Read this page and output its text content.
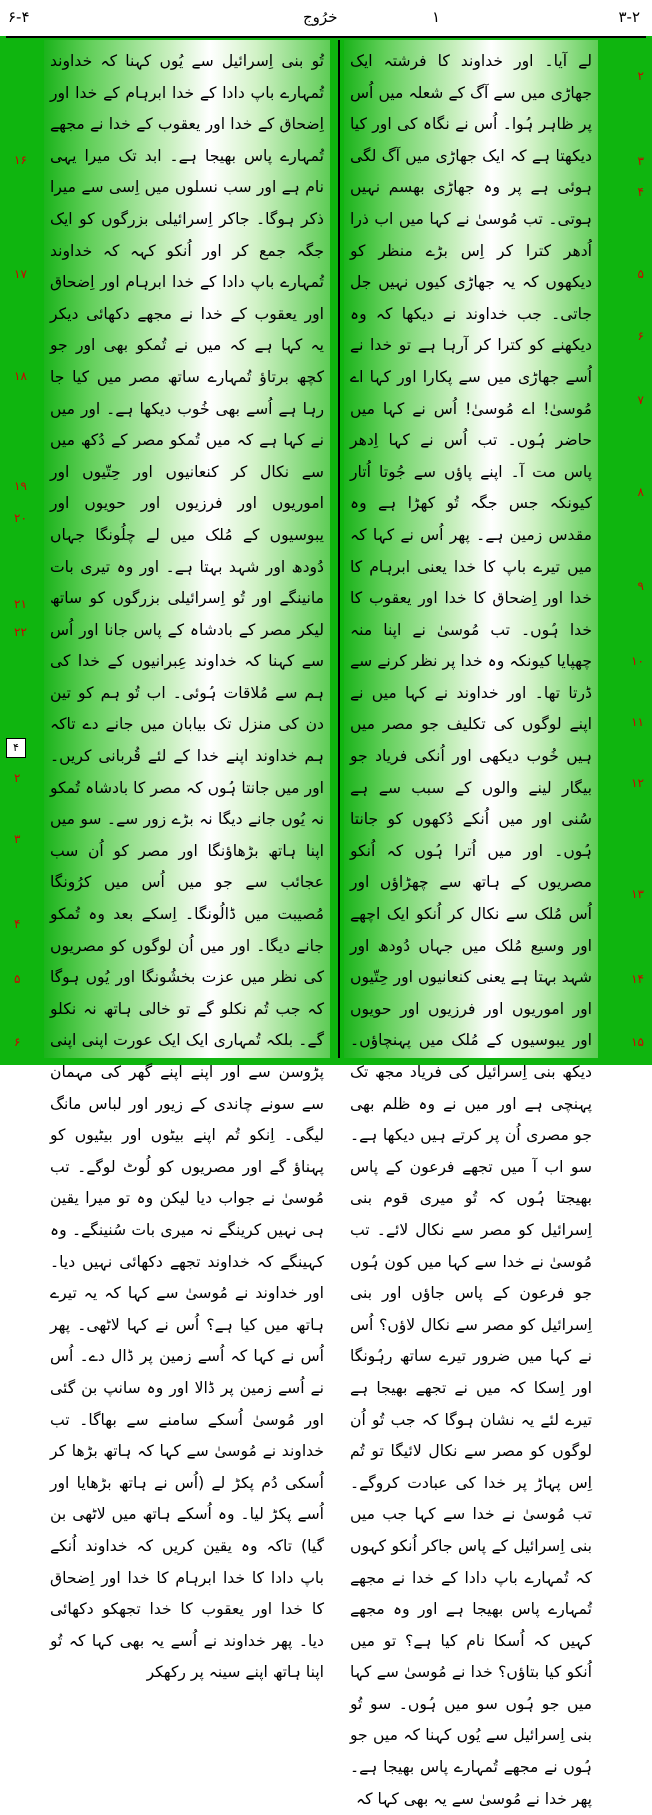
۶-۴	خرُوج	۱	۳-۲
لے آیا۔ اور خداوند کا فرشتہ ایک جھاڑی میں سے آگ کے شعلہ میں اُس پر ظاہر ہُوا۔ اُس نے نگاہ کی اور کیا دیکھتا ہے کہ ایک جھاڑی میں آگ لگی ہوئی ہے پر وہ جھاڑی بھسم نہیں ہوتی۔ تب مُوسیٰ نے کہا میں اب ذرا اُدھر کترا کر اِس بڑے منظر کو دیکھوں کہ یہ جھاڑی کیوں نہیں جل جاتی۔ جب خداوند نے دیکھا کہ وہ دیکھنے کو کترا کر آرہا ہے تو خدا نے اُسے جھاڑی میں سے پکارا اور کہا اے مُوسیٰ! اے مُوسیٰ! اُس نے کہا میں حاضر ہُوں۔ تب اُس نے کہا اِدھر پاس مت آ۔ اپنے پاؤں سے جُوتا اُتار کیونکہ جس جگہ تُو کھڑا ہے وہ مقدس زمین ہے۔ پھر اُس نے کہا کہ میں تیرے باپ کا خدا یعنی ابرہام کا خدا اور اِضحاق کا خدا اور یعقوب کا خدا ہُوں۔ تب مُوسیٰ نے اپنا منہ چھپایا کیونکہ وہ خدا پر نظر کرنے سے ڈرتا تھا۔ اور خداوند نے کہا میں نے اپنے لوگوں کی تکلیف جو مصر میں ہیں خُوب دیکھی اور اُنکی فریاد جو بیگار لینے والوں کے سبب سے ہے سُنی اور میں اُنکے دُکھوں کو جانتا ہُوں۔ اور میں اُترا ہُوں کہ اُنکو مصریوں کے ہاتھ سے چھڑاؤں اور اُس مُلک سے نکال کر اُنکو ایک اچھے اور وسیع مُلک میں جہاں دُودھ اور شہد بہتا ہے یعنی کنعانیوں اور حِتّیوں اور اموریوں اور فرزیوں اور حویوں اور یبوسیوں کے مُلک میں پہنچاؤں۔ دیکھ بنی اِسرائیل کی فریاد مجھ تک پہنچی ہے اور میں نے وہ ظلم بھی جو مصری اُن پر کرتے ہیں دیکھا ہے۔ سو اب آ میں تجھے فرعون کے پاس بھیجتا ہُوں کہ تُو میری قوم بنی اِسرائیل کو مصر سے نکال لائے۔ تب مُوسیٰ نے خدا سے کہا میں کون ہُوں جو فرعون کے پاس جاؤں اور بنی اِسرائیل کو مصر سے نکال لاؤں؟ اُس نے کہا میں ضرور تیرے ساتھ رہُونگا اور اِسکا کہ میں نے تجھے بھیجا ہے تیرے لئے یہ نشان ہوگا کہ جب تُو اُن لوگوں کو مصر سے نکال لائیگا تو تُم اِس پہاڑ پر خدا کی عبادت کروگے۔ تب مُوسیٰ نے خدا سے کہا جب میں بنی اِسرائیل کے پاس جاکر اُنکو کہوں کہ تُمہارے باپ دادا کے خدا نے مجھے تُمہارے پاس بھیجا ہے اور وہ مجھے کہیں کہ اُسکا نام کیا ہے؟ تو میں اُنکو کیا بتاؤں؟ خدا نے مُوسیٰ سے کہا میں جو ہُوں سو میں ہُوں۔ سو تُو بنی اِسرائیل سے یُوں کہنا کہ میں جو ہُوں نے مجھے تُمہارے پاس بھیجا ہے۔ پھر خدا نے مُوسیٰ سے یہ بھی کہا کہ
تُو بنی اِسرائیل سے یُوں کہنا کہ خداوند تُمہارے باپ دادا کے خدا ابرہام کے خدا اور اِضحاق کے خدا اور یعقوب کے خدا نے مجھے تُمہارے پاس بھیجا ہے۔ ابد تک میرا یہی نام ہے اور سب نسلوں میں اِسی سے میرا ذکر ہوگا۔ جاکر اِسرائیلی بزرگوں کو ایک جگہ جمع کر اور اُنکو کہہ کہ خداوند تُمہارے باپ دادا کے خدا ابرہام اور اِضحاق اور یعقوب کے خدا نے مجھے دکھائی دیکر یہ کہا ہے کہ میں نے تُمکو بھی اور جو کچھ برتاؤ تُمہارے ساتھ مصر میں کیا جا رہا ہے اُسے بھی خُوب دیکھا ہے۔ اور میں نے کہا ہے کہ میں تُمکو مصر کے دُکھ میں سے نکال کر کنعانیوں اور حِتّیوں اور اموریوں اور فرزیوں اور حویوں اور یبوسیوں کے مُلک میں لے چلُونگا جہاں دُودھ اور شہد بہتا ہے۔ اور وہ تیری بات مانینگے اور تُو اِسرائیلی بزرگوں کو ساتھ لیکر مصر کے بادشاہ کے پاس جانا اور اُس سے کہنا کہ خداوند عِبرانیوں کے خدا کی ہم سے مُلاقات ہُوئی۔ اب تُو ہم کو تین دن کی منزل تک بیابان میں جانے دے تاکہ ہم خداوند اپنے خدا کے لئے قُربانی کریں۔ اور میں جانتا ہُوں کہ مصر کا بادشاہ تُمکو نہ یُوں جانے دیگا نہ بڑے زور سے۔ سو میں اپنا ہاتھ بڑھاؤنگا اور مصر کو اُن سب عجائب سے جو میں اُس میں کرُونگا مُصیبت میں ڈالُونگا۔ اِسکے بعد وہ تُمکو جانے دیگا۔ اور میں اُن لوگوں کو مصریوں کی نظر میں عزت بخشُونگا اور یُوں ہوگا کہ جب تُم نکلو گے تو خالی ہاتھ نہ نکلو گے۔ بلکہ تُمہاری ایک ایک عورت اپنی اپنی پڑوسن سے اور اپنے اپنے گھر کی مہمان سے سونے چاندی کے زیور اور لباس مانگ لیگی۔ اِنکو تُم اپنے بیٹوں اور بیٹیوں کو پہناؤ گے اور مصریوں کو لُوٹ لوگے۔ تب مُوسیٰ نے جواب دیا لیکن وہ تو میرا یقین ہی نہیں کرینگے نہ میری بات سُنینگے۔ وہ کہینگے کہ خداوند تجھے دکھائی نہیں دیا۔ اور خداوند نے مُوسیٰ سے کہا کہ یہ تیرے ہاتھ میں کیا ہے؟ اُس نے کہا لاٹھی۔ پھر اُس نے کہا کہ اُسے زمین پر ڈال دے۔ اُس نے اُسے زمین پر ڈالا اور وہ سانپ بن گئی اور مُوسیٰ اُسکے سامنے سے بھاگا۔ تب خداوند نے مُوسیٰ سے کہا کہ ہاتھ بڑھا کر اُسکی دُم پکڑ لے (اُس نے ہاتھ بڑھایا اور اُسے پکڑ لیا۔ وہ اُسکے ہاتھ میں لاٹھی بن گیا) تاکہ وہ یقین کریں کہ خداوند اُنکے باپ دادا کا خدا ابرہام کا خدا اور اِضحاق کا خدا اور یعقوب کا خدا تجھکو دکھائی دیا۔ پھر خداوند نے اُسے یہ بھی کہا کہ تُو اپنا ہاتھ اپنے سینہ پر رکھکر
۲
۳
۴
۵
۶
۷
۸
۹
۱۰
۱۱
۱۲
۱۳
۱۴
۱۵
۱۶
۱۷
۱۸
۱۹
۲۰
۲۱
۲۲
۴
۲
۳
۴
۵
۶
